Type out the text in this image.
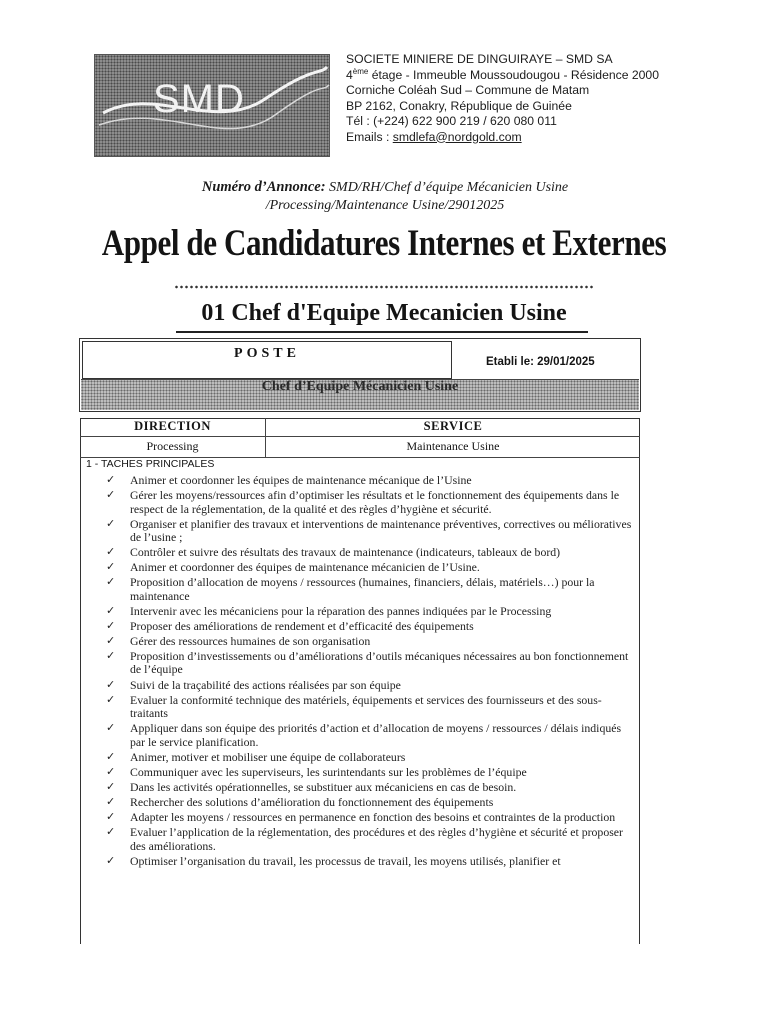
SMD
SOCIETE MINIERE DE DINGUIRAYE – SMD SA
4ème étage - Immeuble Moussoudougou - Résidence 2000
Corniche Coléah Sud – Commune de Matam
BP 2162, Conakry, République de Guinée
Tél : (+224) 622 900 219 / 620 080 011
Emails : smdlefa@nordgold.com
Numéro d’Annonce: SMD/RH/Chef d’équipe Mécanicien Usine
/Processing/Maintenance Usine/29012025
Appel de Candidatures Internes et Externes
01 Chef d'Equipe Mecanicien Usine
POSTE
Etabli le: 29/01/2025
Chef d’Equipe Mécanicien Usine
DIRECTION	SERVICE
Processing	Maintenance Usine
1 - TACHES PRINCIPALES
✓ Animer et coordonner les équipes de maintenance mécanique de l’Usine
✓ Gérer les moyens/ressources afin d’optimiser les résultats et le fonctionnement des équipements dans le respect de la réglementation, de la qualité et des règles d’hygiène et sécurité.
✓ Organiser et planifier des travaux et interventions de maintenance préventives, correctives ou mélioratives de l’usine ;
✓ Contrôler et suivre des résultats des travaux de maintenance (indicateurs, tableaux de bord)
✓ Animer et coordonner des équipes de maintenance mécanicien de l’Usine.
✓ Proposition d’allocation de moyens / ressources (humaines, financiers, délais, matériels…) pour la maintenance
✓ Intervenir avec les mécaniciens pour la réparation des pannes indiquées par le Processing
✓ Proposer des améliorations de rendement et d’efficacité des équipements
✓ Gérer des ressources humaines de son organisation
✓ Proposition d’investissements ou d’améliorations d’outils mécaniques nécessaires au bon fonctionnement de l’équipe
✓ Suivi de la traçabilité des actions réalisées par son équipe
✓ Evaluer la conformité technique des matériels, équipements et services des fournisseurs et des sous-traitants
✓ Appliquer dans son équipe des priorités d’action et d’allocation de moyens / ressources / délais indiqués par le service planification.
✓ Animer, motiver et mobiliser une équipe de collaborateurs
✓ Communiquer avec les superviseurs, les surintendants sur les problèmes de l’équipe
✓ Dans les activités opérationnelles, se substituer aux mécaniciens en cas de besoin.
✓ Rechercher des solutions d’amélioration du fonctionnement des équipements
✓ Adapter les moyens / ressources en permanence en fonction des besoins et contraintes de la production
✓ Evaluer l’application de la réglementation, des procédures et des règles d’hygiène et sécurité et proposer des améliorations.
✓ Optimiser l’organisation du travail, les processus de travail, les moyens utilisés, planifier et
